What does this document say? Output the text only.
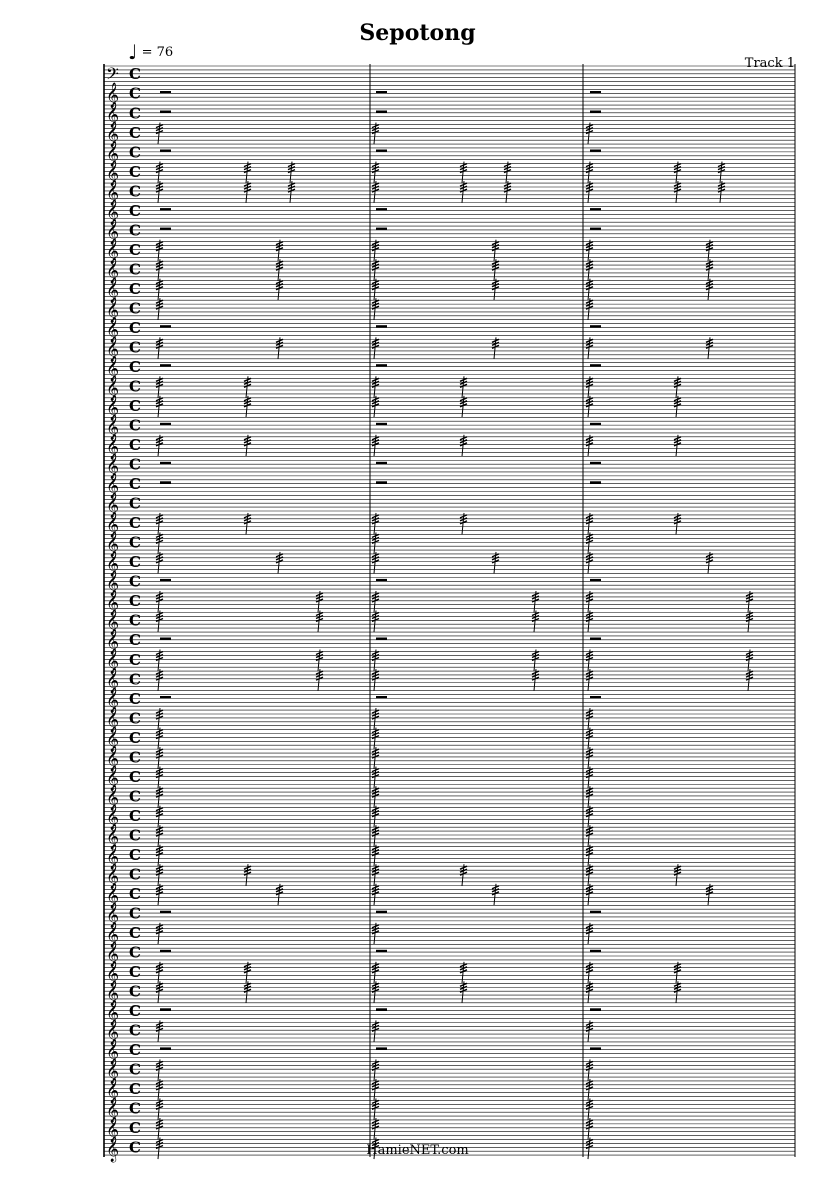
Sepotong
Track 1
♩ = 76
𝄢 C
𝄞 C
𝄞 C
𝄞 C
𝄞 C
𝄞 C
𝄞 C
𝄞 C
𝄞 C
𝄞 C
𝄞 C
𝄞 C
𝄞 C
𝄞 C
𝄞 C
𝄞 C
𝄞 C
𝄞 C
𝄞 C
𝄞 C
𝄞 C
𝄞 C
𝄞 C
𝄞 C
𝄞 C
𝄞 C
𝄞 C
𝄞 C
𝄞 C
𝄞 C
𝄞 C
𝄞 C
𝄞 C
𝄞 C
𝄞 C
𝄞 C
𝄞 C
𝄞 C
𝄞 C
𝄞 C
𝄞 C
𝄞 C
𝄞 C
𝄞 C
𝄞 C
𝄞 C
𝄞 C
𝄞 C
𝄞 C
𝄞 C
𝄞 C
𝄞 C
𝄞 C
𝄞 C
𝄞 C
𝄞 C	HamieNET.com
